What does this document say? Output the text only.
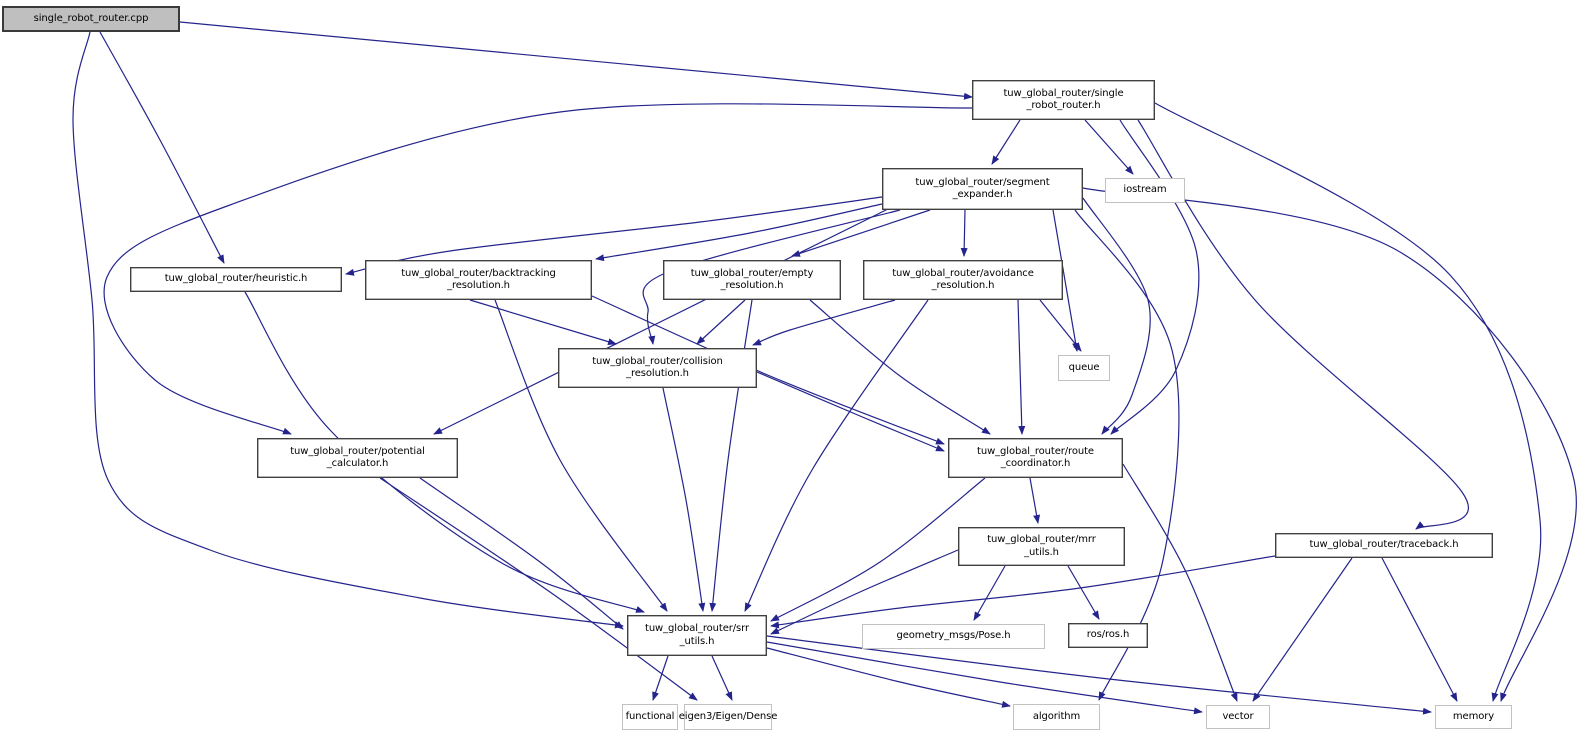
single_robot_router.cpp
tuw_global_router/single
_robot_router.h
iostream
tuw_global_router/segment
_expander.h
tuw_global_router/heuristic.h
tuw_global_router/backtracking
_resolution.h
tuw_global_router/empty
_resolution.h
tuw_global_router/avoidance
_resolution.h
queue
tuw_global_router/collision
_resolution.h
tuw_global_router/potential
_calculator.h
tuw_global_router/route
_coordinator.h
tuw_global_router/mrr
_utils.h
tuw_global_router/traceback.h
tuw_global_router/srr
_utils.h	geometry_msgs/Pose.h	ros/ros.h
functional eigen3/Eigen/Dense	algorithm	vector	memory
